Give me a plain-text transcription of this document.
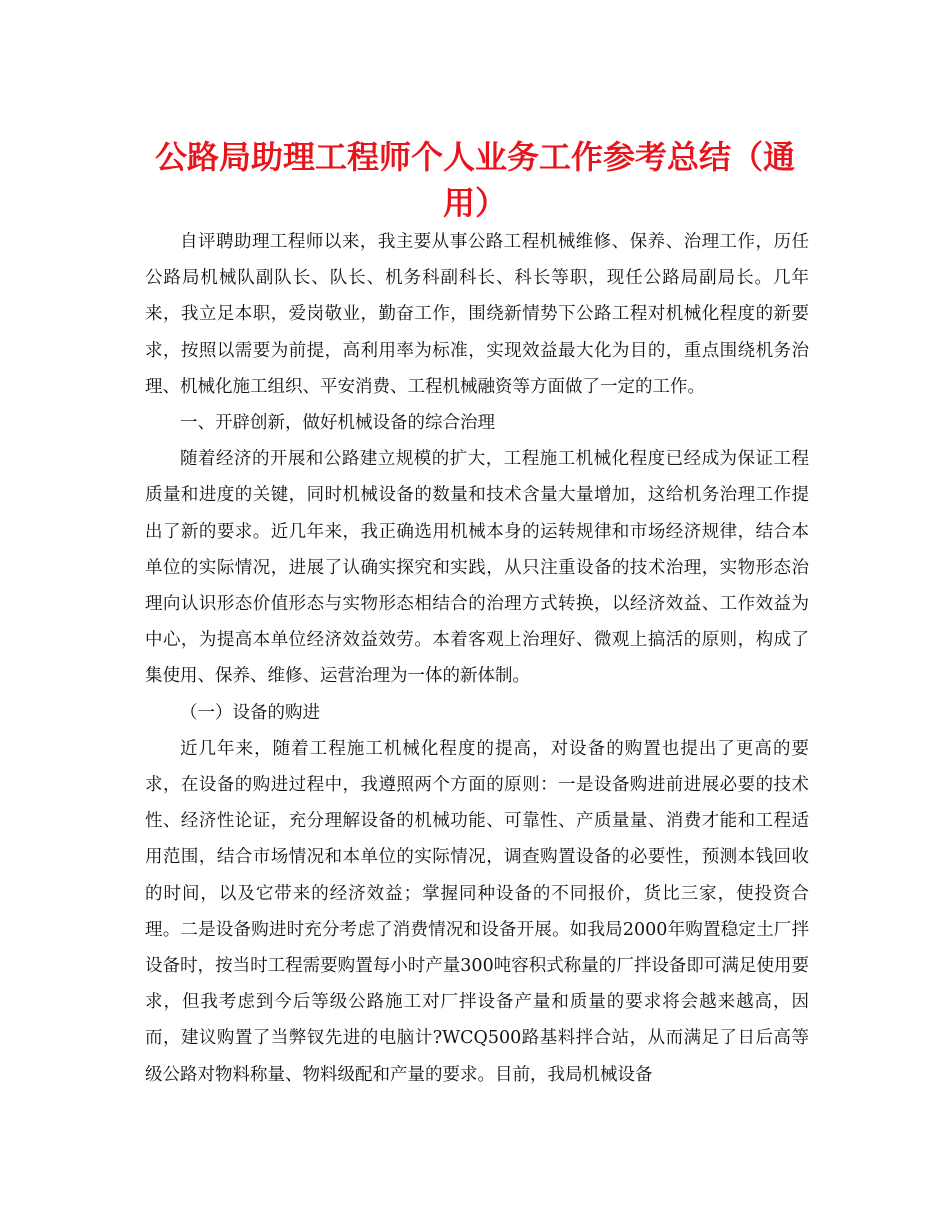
公路局助理工程师个人业务工作参考总结（通用）

自评聘助理工程师以来，我主要从事公路工程机械维修、保养、治理工作，历任公路局机械队副队长、队长、机务科副科长、科长等职，现任公路局副局长。几年来，我立足本职，爱岗敬业，勤奋工作，围绕新情势下公路工程对机械化程度的新要求，按照以需要为前提，高利用率为标准，实现效益最大化为目的，重点围绕机务治理、机械化施工组织、平安消费、工程机械融资等方面做了一定的工作。

一、开辟创新，做好机械设备的综合治理

随着经济的开展和公路建立规模的扩大，工程施工机械化程度已经成为保证工程质量和进度的关键，同时机械设备的数量和技术含量大量增加，这给机务治理工作提出了新的要求。近几年来，我正确选用机械本身的运转规律和市场经济规律，结合本单位的实际情况，进展了认确实探究和实践，从只注重设备的技术治理，实物形态治理向认识形态价值形态与实物形态相结合的治理方式转换，以经济效益、工作效益为中心，为提高本单位经济效益效劳。本着客观上治理好、微观上搞活的原则，构成了集使用、保养、维修、运营治理为一体的新体制。

（一）设备的购进

近几年来，随着工程施工机械化程度的提高，对设备的购置也提出了更高的要求，在设备的购进过程中，我遵照两个方面的原则：一是设备购进前进展必要的技术性、经济性论证，充分理解设备的机械功能、可靠性、产质量量、消费才能和工程适用范围，结合市场情况和本单位的实际情况，调查购置设备的必要性，预测本钱回收的时间，以及它带来的经济效益；掌握同种设备的不同报价，货比三家，使投资合理。二是设备购进时充分考虑了消费情况和设备开展。如我局2000年购置稳定土厂拌设备时，按当时工程需要购置每小时产量300吨容积式称量的厂拌设备即可满足使用要求，但我考虑到今后等级公路施工对厂拌设备产量和质量的要求将会越来越高，因而，建议购置了当弊钗先进的电脑计?WCQ500路基料拌合站，从而满足了日后高等级公路对物料称量、物料级配和产量的要求。目前，我局机械设备
